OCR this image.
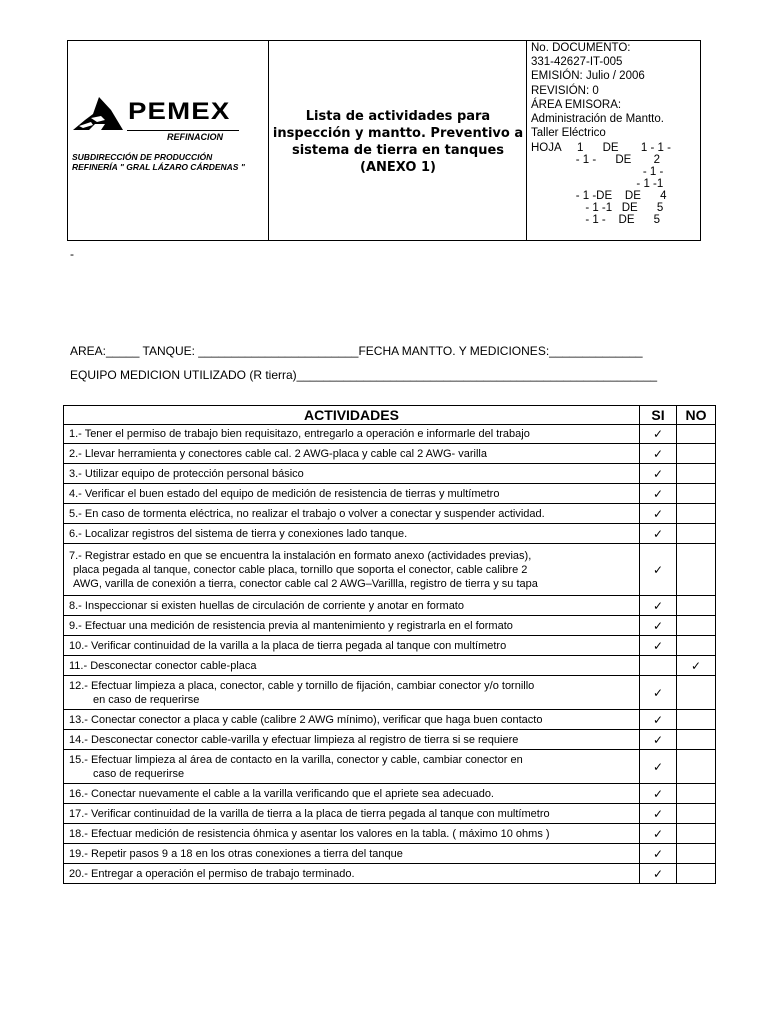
PEMEX
REFINACION
SUBDIRECCIÓN DE PRODUCCIÓN
REFINERÍA " GRAL LÁZARO CÁRDENAS "
Lista de actividades para
inspección y mantto. Preventivo a
sistema de tierra en tanques
(ANEXO 1)
No. DOCUMENTO:
331-42627-IT-005
EMISIÓN: Julio / 2006
REVISIÓN: 0
ÁREA EMISORA:
Administración de Mantto.
Taller Eléctrico
HOJA     1      DE       1 - 1 -
- 1 -      DE       2
- 1 -
- 1 -1
- 1 -DE    DE      4
- 1 -1   DE      5
- 1 -    DE      5
-
AREA:_____ TANQUE: ________________________FECHA MANTTO. Y MEDICIONES:______________
EQUIPO MEDICION UTILIZADO (R tierra)______________________________________________________
ACTIVIDADES	SI	NO

1.- Tener el permiso de trabajo bien requisitazo, entregarlo a operación e informarle del trabajo	✓	

2.- Llevar herramienta y conectores cable cal. 2 AWG-placa y cable cal 2 AWG- varilla	✓	

3.- Utilizar equipo de protección personal básico	✓	

4.- Verificar el buen estado del equipo de medición de resistencia de tierras y multímetro	✓	

5.- En caso de tormenta eléctrica, no realizar el trabajo o volver a conectar y suspender actividad.	✓	

6.- Localizar registros del sistema de tierra y conexiones lado tanque.	✓	

7.- Registrar estado en que se encuentra la instalación en formato anexo (actividades previas),
placa pegada al tanque, conector cable placa, tornillo que soporta el conector, cable calibre 2
AWG, varilla de conexión a tierra, conector cable cal 2 AWG–Varillla, registro de tierra y su tapa	✓	

8.- Inspeccionar si existen huellas de circulación de corriente y anotar en formato	✓	

9.- Efectuar una medición de resistencia previa al mantenimiento y registrarla en el formato	✓	

10.- Verificar continuidad de la varilla a la placa de tierra pegada al tanque con multímetro	✓	

11.- Desconectar conector cable-placa		✓

12.- Efectuar limpieza a placa, conector, cable y tornillo de fijación, cambiar conector y/o tornillo
en caso de requerirse	✓	

13.- Conectar conector a placa y cable (calibre 2 AWG mínimo), verificar que haga buen contacto	✓	

14.- Desconectar conector cable-varilla y efectuar limpieza al registro de tierra si se requiere	✓	

15.- Efectuar limpieza al área de contacto en la varilla, conector y cable, cambiar conector en
caso de requerirse	✓	

16.- Conectar nuevamente el cable a la varilla verificando que el apriete sea adecuado.	✓	

17.- Verificar continuidad de la varilla de tierra a la placa de tierra pegada al tanque con multímetro	✓	

18.- Efectuar medición de resistencia óhmica y asentar los valores en la tabla. ( máximo 10 ohms )	✓	

19.- Repetir pasos 9 a 18 en los otras conexiones a tierra del tanque	✓	

20.- Entregar a operación el permiso de trabajo terminado.	✓	
